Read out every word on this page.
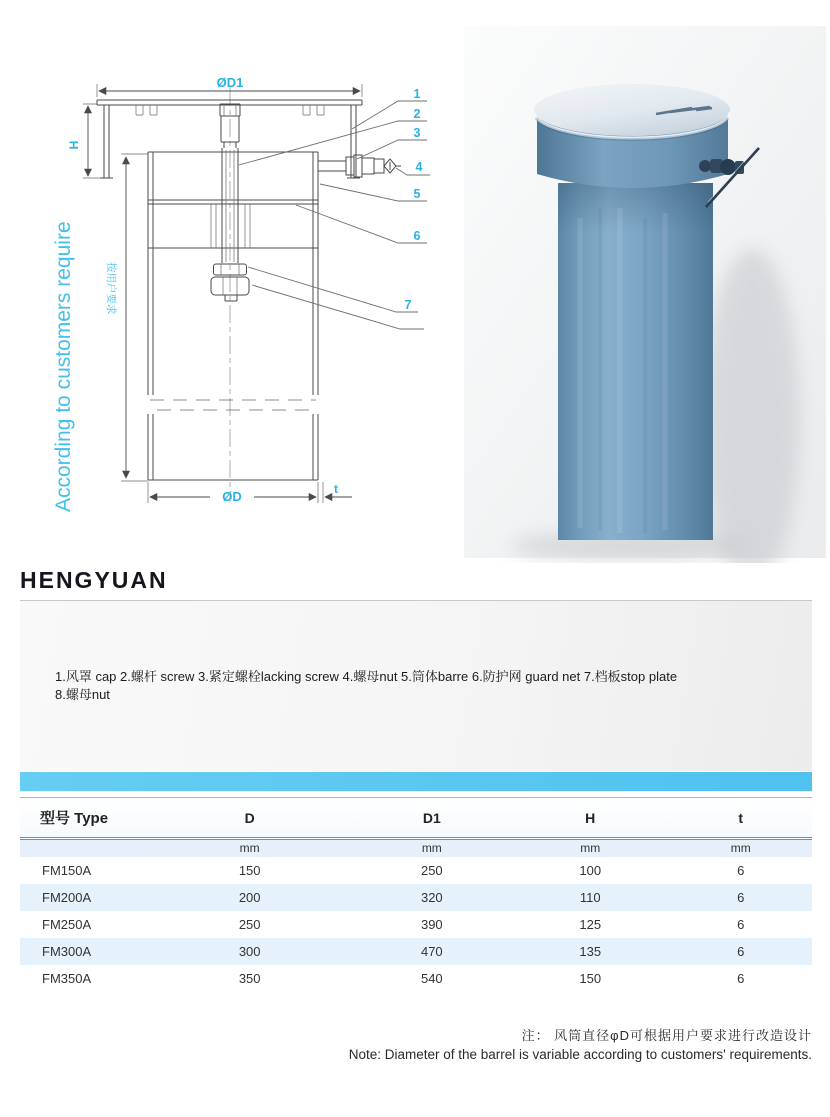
1
2
3
4
5
6
7
ØD1
H
按用户要求
According to customers require	ØD	t
HENGYUAN
1.风罩 cap 2.螺杆 screw 3.紧定螺栓lacking screw 4.螺母nut 5.筒体barre 6.防护网 guard net 7.档板stop plate
8.螺母nut
型号 Type	D	D1	H	t
	mm	mm	mm	mm
FM150A	150	250	100	6
FM200A	200	320	110	6
FM250A	250	390	125	6
FM300A	300	470	135	6
FM350A	350	540	150	6
注： 风筒直径φD可根据用户要求进行改造设计
Note: Diameter of the barrel is variable according to customers' requirements.
